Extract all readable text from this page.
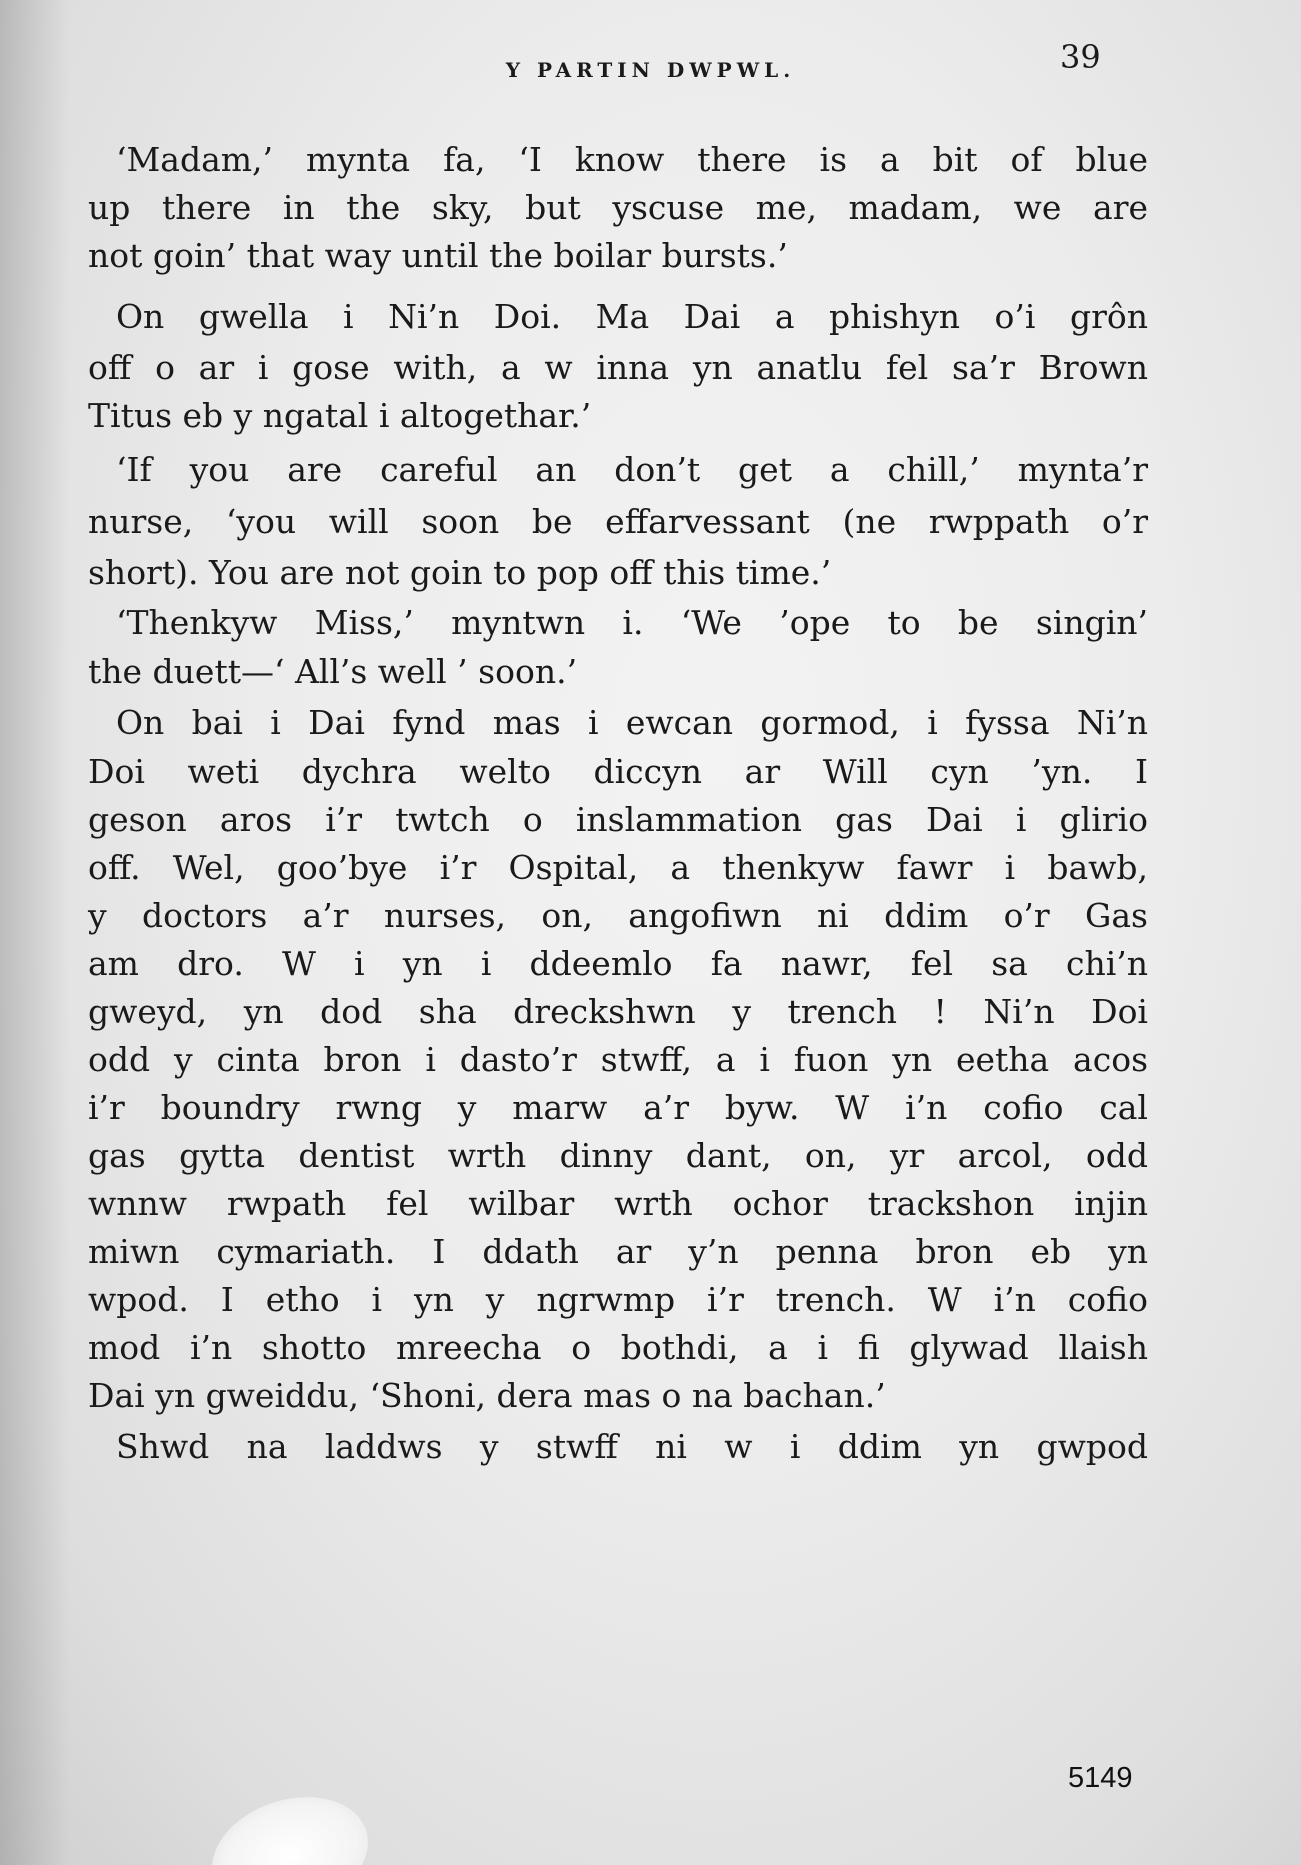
Y PARTIN DWPWL.	39
‘Madam,’ mynta fa, ‘I know there is a bit of blue
up there in the sky, but yscuse me, madam, we are
not goin’ that way until the boilar bursts.’
On gwella i Ni’n Doi. Ma Dai a phishyn o’i grôn
off o ar i gose with, a w inna yn anatlu fel sa’r Brown
Titus eb y ngatal i altogethar.’
‘If you are careful an don’t get a chill,’ mynta’r
nurse, ‘you will soon be effarvessant (ne rwppath o’r
short). You are not goin to pop off this time.’
‘Thenkyw Miss,’ myntwn i. ‘We ’ope to be singin’
the duett—‘ All’s well ’ soon.’
On bai i Dai fynd mas i ewcan gormod, i fyssa Ni’n
Doi weti dychra welto diccyn ar Will cyn ’yn. I
geson aros i’r twtch o inslammation gas Dai i glirio
off. Wel, goo’bye i’r Ospital, a thenkyw fawr i bawb,
y doctors a’r nurses, on, angofiwn ni ddim o’r Gas
am dro. W i yn i ddeemlo fa nawr, fel sa chi’n
gweyd, yn dod sha dreckshwn y trench ! Ni’n Doi
odd y cinta bron i dasto’r stwff, a i fuon yn eetha acos
i’r boundry rwng y marw a’r byw. W i’n cofio cal
gas gytta dentist wrth dinny dant, on, yr arcol, odd
wnnw rwpath fel wilbar wrth ochor trackshon injin
miwn cymariath. I ddath ar y’n penna bron eb yn
wpod. I etho i yn y ngrwmp i’r trench. W i’n cofio
mod i’n shotto mreecha o bothdi, a i fi glywad llaish
Dai yn gweiddu, ‘Shoni, dera mas o na bachan.’
Shwd na laddws y stwff ni w i ddim yn gwpod
5149
